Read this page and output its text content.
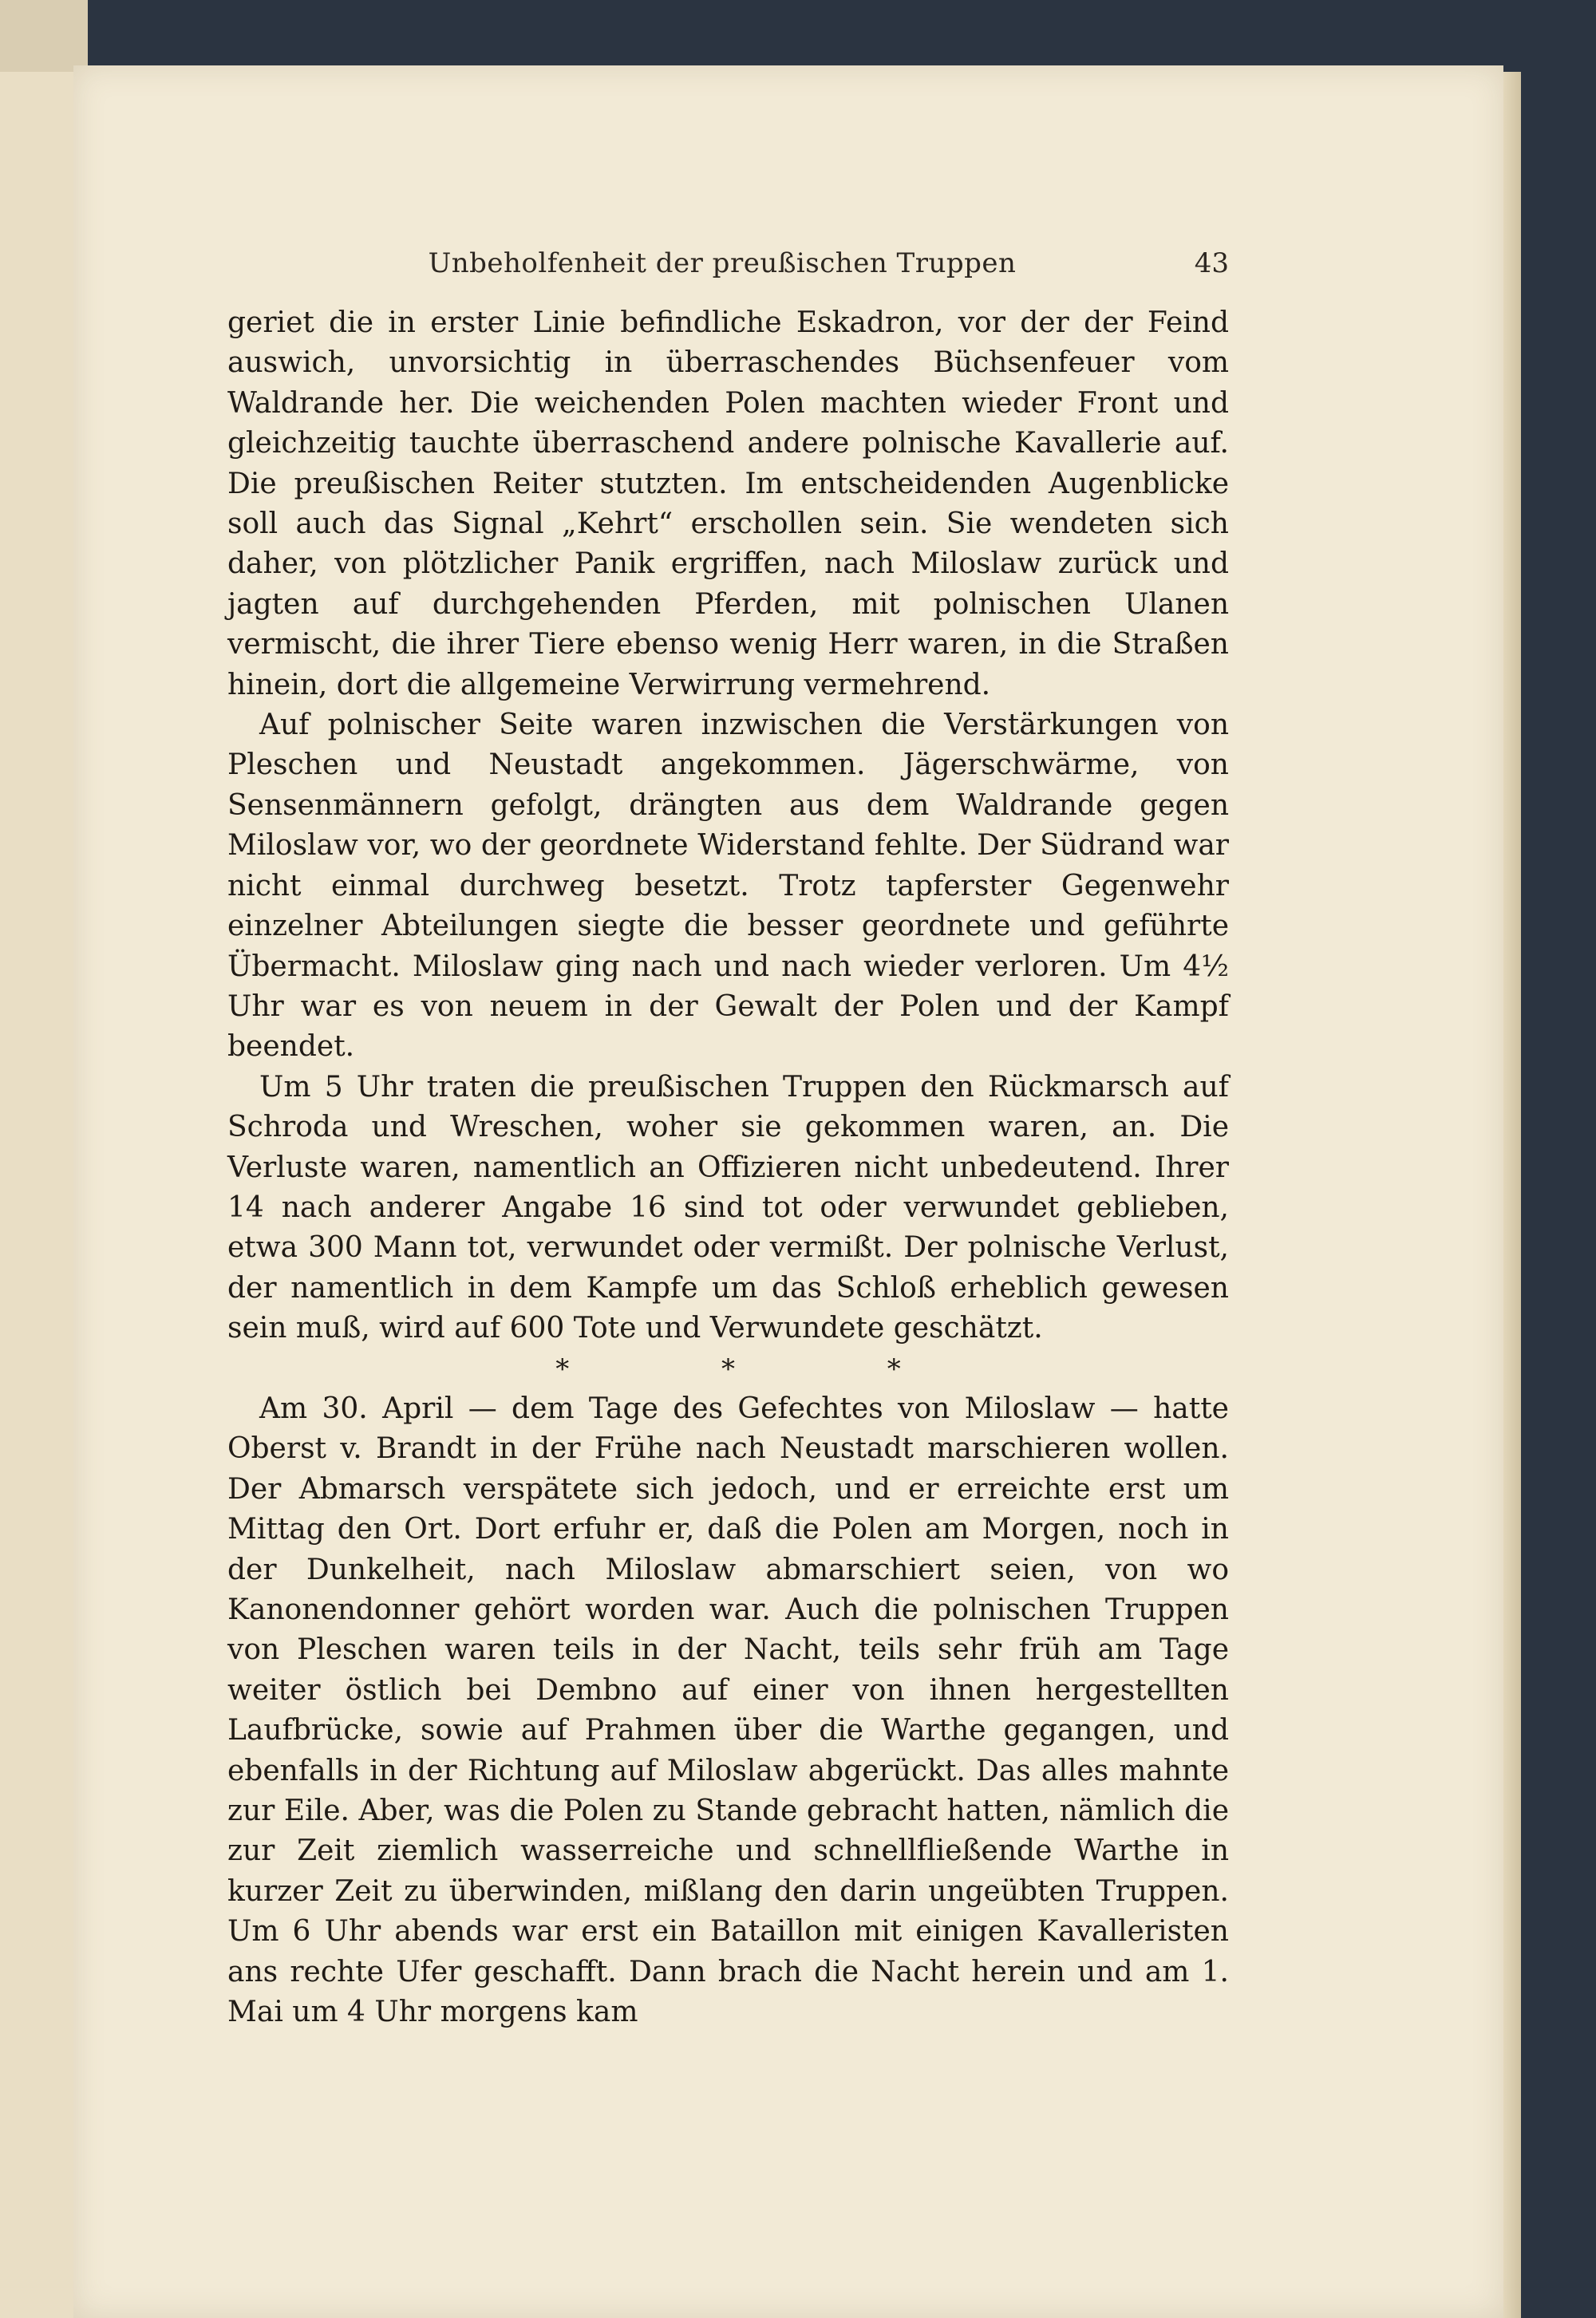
Unbeholfenheit der preußischen Truppen	43

geriet die in erster Linie befindliche Eskadron, vor der der Feind auswich, unvorsichtig in überraschendes Büchsenfeuer vom Waldrande her. Die weichenden Polen machten wieder Front und gleichzeitig tauchte überraschend andere polnische Kavallerie auf. Die preußischen Reiter stutzten. Im entscheidenden Augenblicke soll auch das Signal „Kehrt“ erschollen sein. Sie wendeten sich daher, von plötzlicher Panik ergriffen, nach Miloslaw zurück und jagten auf durchgehenden Pferden, mit polnischen Ulanen vermischt, die ihrer Tiere ebenso wenig Herr waren, in die Straßen hinein, dort die allgemeine Verwirrung vermehrend.

Auf polnischer Seite waren inzwischen die Verstärkungen von Pleschen und Neustadt angekommen. Jägerschwärme, von Sensenmännern gefolgt, drängten aus dem Waldrande gegen Miloslaw vor, wo der geordnete Widerstand fehlte. Der Südrand war nicht einmal durchweg besetzt. Trotz tapferster Gegenwehr einzelner Abteilungen siegte die besser geordnete und geführte Übermacht. Miloslaw ging nach und nach wieder verloren. Um 4½ Uhr war es von neuem in der Gewalt der Polen und der Kampf beendet.

Um 5 Uhr traten die preußischen Truppen den Rückmarsch auf Schroda und Wreschen, woher sie gekommen waren, an. Die Verluste waren, namentlich an Offizieren nicht unbedeutend. Ihrer 14 nach anderer Angabe 16 sind tot oder verwundet geblieben, etwa 300 Mann tot, verwundet oder vermißt. Der polnische Verlust, der namentlich in dem Kampfe um das Schloß erheblich gewesen sein muß, wird auf 600 Tote und Verwundete geschätzt.

* * *

Am 30. April — dem Tage des Gefechtes von Miloslaw — hatte Oberst v. Brandt in der Frühe nach Neustadt marschieren wollen. Der Abmarsch verspätete sich jedoch, und er erreichte erst um Mittag den Ort. Dort erfuhr er, daß die Polen am Morgen, noch in der Dunkelheit, nach Miloslaw abmarschiert seien, von wo Kanonendonner gehört worden war. Auch die polnischen Truppen von Pleschen waren teils in der Nacht, teils sehr früh am Tage weiter östlich bei Dembno auf einer von ihnen hergestellten Laufbrücke, sowie auf Prahmen über die Warthe gegangen, und ebenfalls in der Richtung auf Miloslaw abgerückt. Das alles mahnte zur Eile. Aber, was die Polen zu Stande gebracht hatten, nämlich die zur Zeit ziemlich wasserreiche und schnellfließende Warthe in kurzer Zeit zu überwinden, mißlang den darin ungeübten Truppen. Um 6 Uhr abends war erst ein Bataillon mit einigen Kavalleristen ans rechte Ufer geschafft. Dann brach die Nacht herein und am 1. Mai um 4 Uhr morgens kam
